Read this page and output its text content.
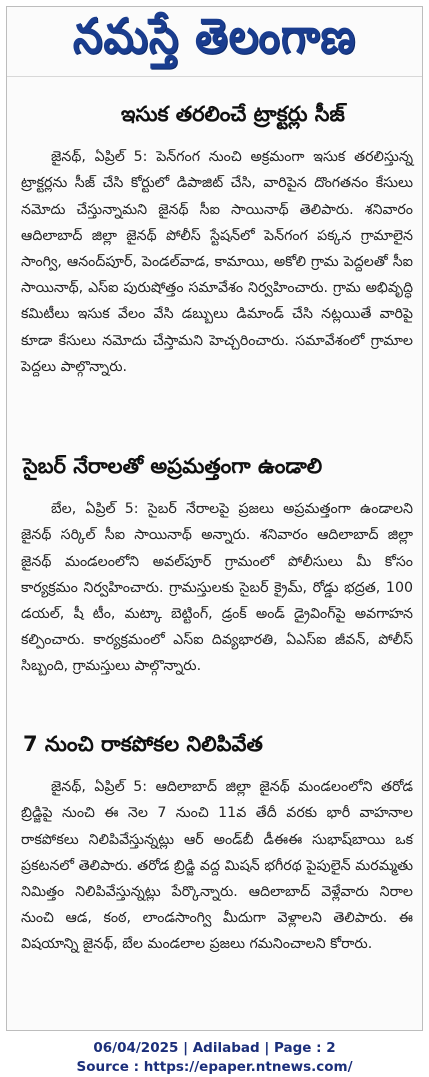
నమస్తే తెలంగాణ
ఇసుక తరలించే ట్రాక్టర్లు సీజ్

జైనథ్‌, ఏప్రిల్‌ 5: పెన్‌గంగ నుంచి అక్రమంగా ఇసుక తరలిస్తున్న ట్రాక్టర్లను సీజ్‌ చేసి కోర్టులో డిపాజిట్‌ చేసి, వారిపైన దొంగతనం కేసులు నమోదు చేస్తున్నామని జైనథ్‌ సీఐ సాయినాథ్‌ తెలిపారు. శనివారం ఆదిలాబాద్‌ జిల్లా జైనథ్‌ పోలీస్‌ స్టేషన్‌లో పెన్‌గంగ పక్కన గ్రామాలైన సాంగ్వి, ఆనంద్‌పూర్‌, పెండల్‌వాడ, కామాయి, అకోలి గ్రామ పెద్దలతో సీఐ సాయినాథ్‌, ఎస్‌ఐ పురుషోత్తం సమావేశం నిర్వహించారు. గ్రామ అభివృద్ధి కమిటీలు ఇసుక వేలం వేసి డబ్బులు డిమాండ్‌ చేసి నట్లయితే వారిపై కూడా కేసులు నమోదు చేస్తామని హెచ్చరించారు. సమావేశంలో గ్రామాల పెద్దలు పాల్గొన్నారు.

సైబర్‌ నేరాలతో అప్రమత్తంగా ఉండాలి

బేల, ఏప్రిల్‌ 5: సైబర్‌ నేరాలపై ప్రజలు అప్రమత్తంగా ఉండాలని జైనథ్‌ సర్కిల్‌ సీఐ సాయినాథ్‌ అన్నారు. శనివారం ఆదిలాబాద్‌ జిల్లా జైనథ్‌ మండలంలోని అవల్‌పూర్‌ గ్రామంలో పోలీసులు మీ కోసం కార్యక్రమం నిర్వహించారు. గ్రామస్తులకు సైబర్‌ క్రైమ్‌, రోడ్డు భద్రత, 100 డయల్‌, షీ టీం, మట్కా బెట్టింగ్‌, డ్రంక్‌ అండ్‌ డ్రైవింగ్‌పై అవగాహన కల్పించారు. కార్యక్రమంలో ఎస్‌ఐ దివ్యభారతి, ఏఎస్‌ఐ జీవన్‌, పోలీస్‌ సిబ్బంది, గ్రామస్తులు పాల్గొన్నారు.

7 నుంచి రాకపోకల నిలిపివేత

జైనథ్‌, ఏప్రిల్‌ 5: ఆదిలాబాద్‌ జిల్లా జైనథ్‌ మండలంలోని తరోడ బ్రిడ్జిపై నుంచి ఈ నెల 7 నుంచి 11వ తేదీ వరకు భారీ వాహనాల రాకపోకలు నిలిపివేస్తున్నట్లు ఆర్‌ అండ్‌బీ డీఈఈ సుభాష్‌బాయి ఒక ప్రకటనలో తెలిపారు. తరోడ బ్రిడ్జి వద్ద మిషన్‌ భగీరథ పైపులైన్‌ మరమ్మతు నిమిత్తం నిలిపివేస్తున్నట్లు పేర్కొన్నారు. ఆదిలాబాద్‌ వెళ్లేవారు నిరాల నుంచి ఆడ, కంఠ, లాండసాంగ్వి మీదుగా వెళ్లాలని తెలిపారు. ఈ విషయాన్ని జైనథ్‌, బేల మండలాల ప్రజలు గమనించాలని కోరారు.

06/04/2025 | Adilabad | Page : 2
Source : https://epaper.ntnews.com/
